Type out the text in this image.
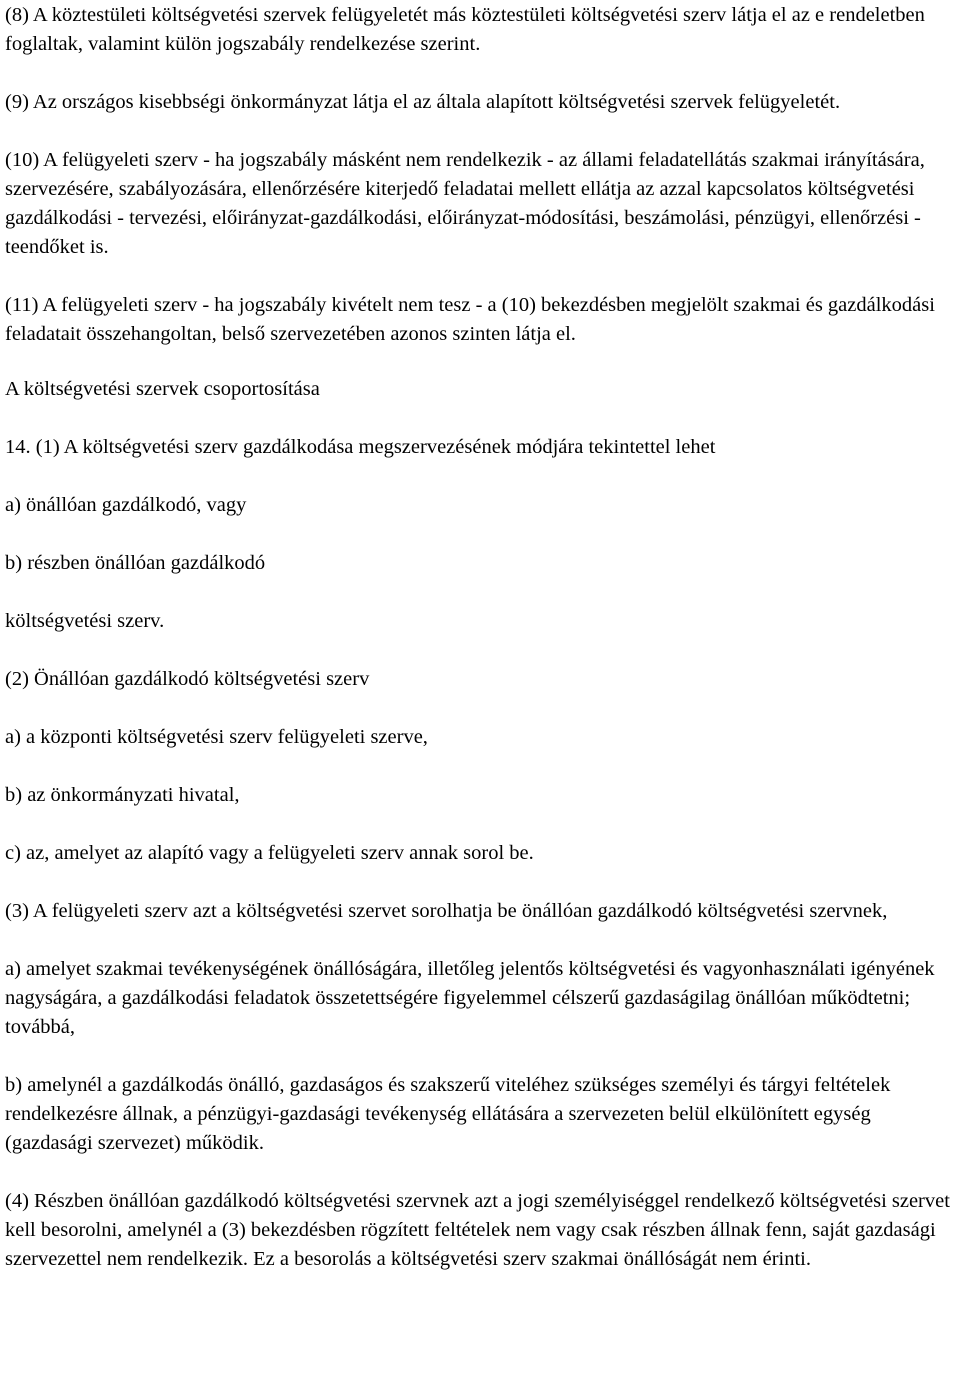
(8) A köztestületi költségvetési szervek felügyeletét más köztestületi költségvetési szerv látja el az e rendeletben foglaltak, valamint külön jogszabály rendelkezése szerint.

(9) Az országos kisebbségi önkormányzat látja el az általa alapított költségvetési szervek felügyeletét.

(10) A felügyeleti szerv - ha jogszabály másként nem rendelkezik - az állami feladatellátás szakmai irányítására, szervezésére, szabályozására, ellenőrzésére kiterjedő feladatai mellett ellátja az azzal kapcsolatos költségvetési gazdálkodási - tervezési, előirányzat-gazdálkodási, előirányzat-módosítási, beszámolási, pénzügyi, ellenőrzési - teendőket is.

(11) A felügyeleti szerv - ha jogszabály kivételt nem tesz - a (10) bekezdésben megjelölt szakmai és gazdálkodási feladatait összehangoltan, belső szervezetében azonos szinten látja el.

A költségvetési szervek csoportosítása

14. (1) A költségvetési szerv gazdálkodása megszervezésének módjára tekintettel lehet

a) önállóan gazdálkodó, vagy

b) részben önállóan gazdálkodó

költségvetési szerv.

(2) Önállóan gazdálkodó költségvetési szerv

a) a központi költségvetési szerv felügyeleti szerve,

b) az önkormányzati hivatal,

c) az, amelyet az alapító vagy a felügyeleti szerv annak sorol be.

(3) A felügyeleti szerv azt a költségvetési szervet sorolhatja be önállóan gazdálkodó költségvetési szervnek,

a) amelyet szakmai tevékenységének önállóságára, illetőleg jelentős költségvetési és vagyonhasználati igényének nagyságára, a gazdálkodási feladatok összetettségére figyelemmel célszerű gazdaságilag önállóan működtetni; továbbá,

b) amelynél a gazdálkodás önálló, gazdaságos és szakszerű viteléhez szükséges személyi és tárgyi feltételek rendelkezésre állnak, a pénzügyi-gazdasági tevékenység ellátására a szervezeten belül elkülönített egység (gazdasági szervezet) működik.

(4) Részben önállóan gazdálkodó költségvetési szervnek azt a jogi személyiséggel rendelkező költségvetési szervet kell besorolni, amelynél a (3) bekezdésben rögzített feltételek nem vagy csak részben állnak fenn, saját gazdasági szervezettel nem rendelkezik. Ez a besorolás a költségvetési szerv szakmai önállóságát nem érinti.
